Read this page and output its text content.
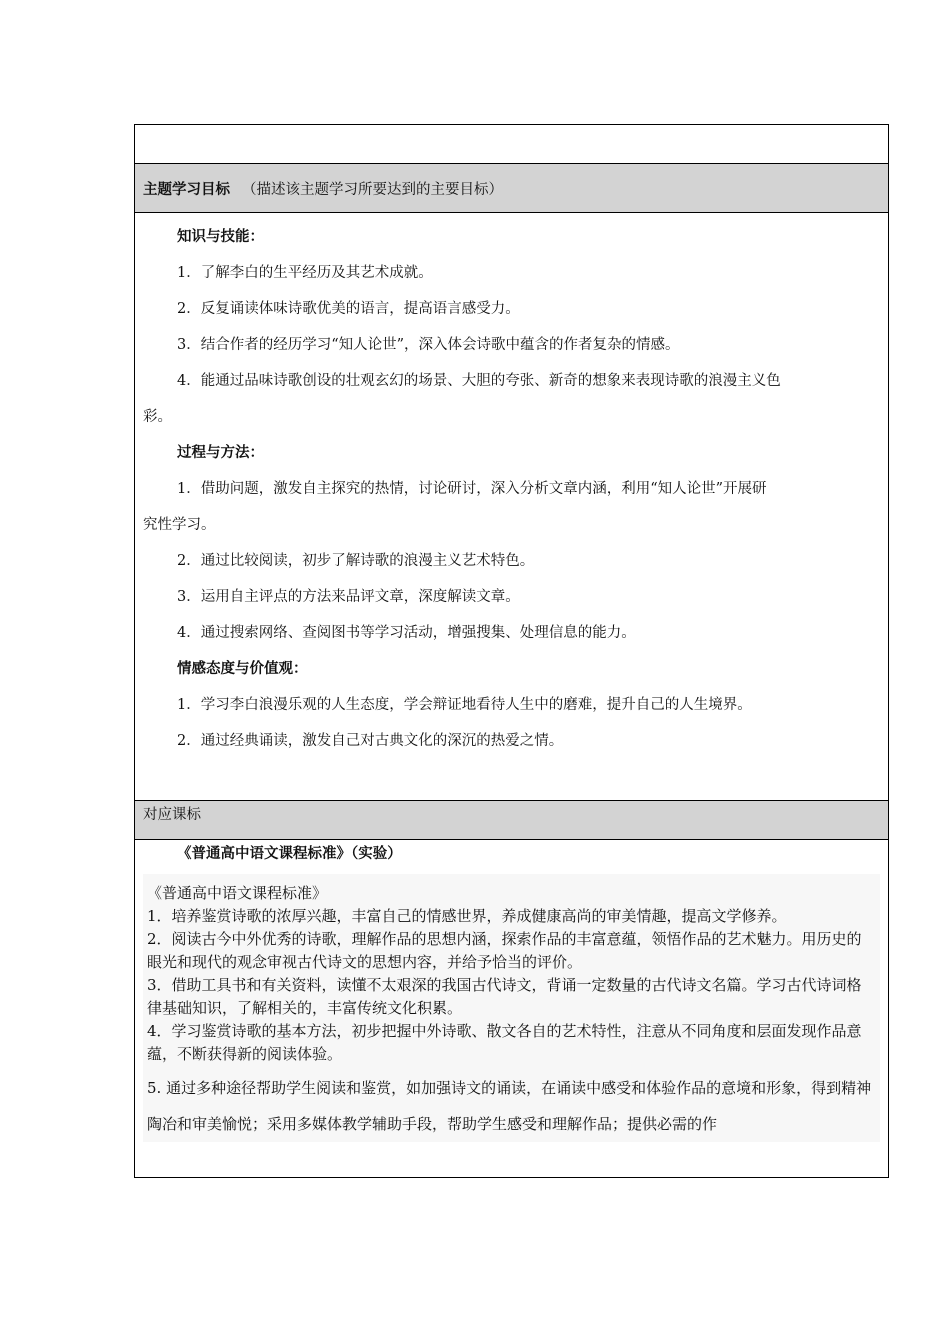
主题学习目标 （描述该主题学习所要达到的主要目标）
知识与技能：
1．了解李白的生平经历及其艺术成就。
2．反复诵读体味诗歌优美的语言，提高语言感受力。
3．结合作者的经历学习“知人论世”，深入体会诗歌中蕴含的作者复杂的情感。
4．能通过品味诗歌创设的壮观玄幻的场景、大胆的夸张、新奇的想象来表现诗歌的浪漫主义色
彩。
过程与方法：
1．借助问题，激发自主探究的热情，讨论研讨，深入分析文章内涵，利用“知人论世”开展研
究性学习。
2．通过比较阅读，初步了解诗歌的浪漫主义艺术特色。
3．运用自主评点的方法来品评文章，深度解读文章。
4．通过搜索网络、查阅图书等学习活动，增强搜集、处理信息的能力。
情感态度与价值观：
1．学习李白浪漫乐观的人生态度，学会辩证地看待人生中的磨难，提升自己的人生境界。
2．通过经典诵读，激发自己对古典文化的深沉的热爱之情。
对应课标
《普通高中语文课程标准》（实验）
《普通高中语文课程标准》
1．培养鉴赏诗歌的浓厚兴趣，丰富自己的情感世界，养成健康高尚的审美情趣，提高文学修养。
2．阅读古今中外优秀的诗歌，理解作品的思想内涵，探索作品的丰富意蕴，领悟作品的艺术魅力。用历史的眼光和现代的观念审视古代诗文的思想内容，并给予恰当的评价。
3．借助工具书和有关资料，读懂不太艰深的我国古代诗文，背诵一定数量的古代诗文名篇。学习古代诗词格律基础知识，了解相关的，丰富传统文化积累。
4．学习鉴赏诗歌的基本方法，初步把握中外诗歌、散文各自的艺术特性，注意从不同角度和层面发现作品意蕴，不断获得新的阅读体验。
5. 通过多种途径帮助学生阅读和鉴赏，如加强诗文的诵读，在诵读中感受和体验作品的意境和形象，得到精神陶冶和审美愉悦；采用多媒体教学辅助手段，帮助学生感受和理解作品；提供必需的作
